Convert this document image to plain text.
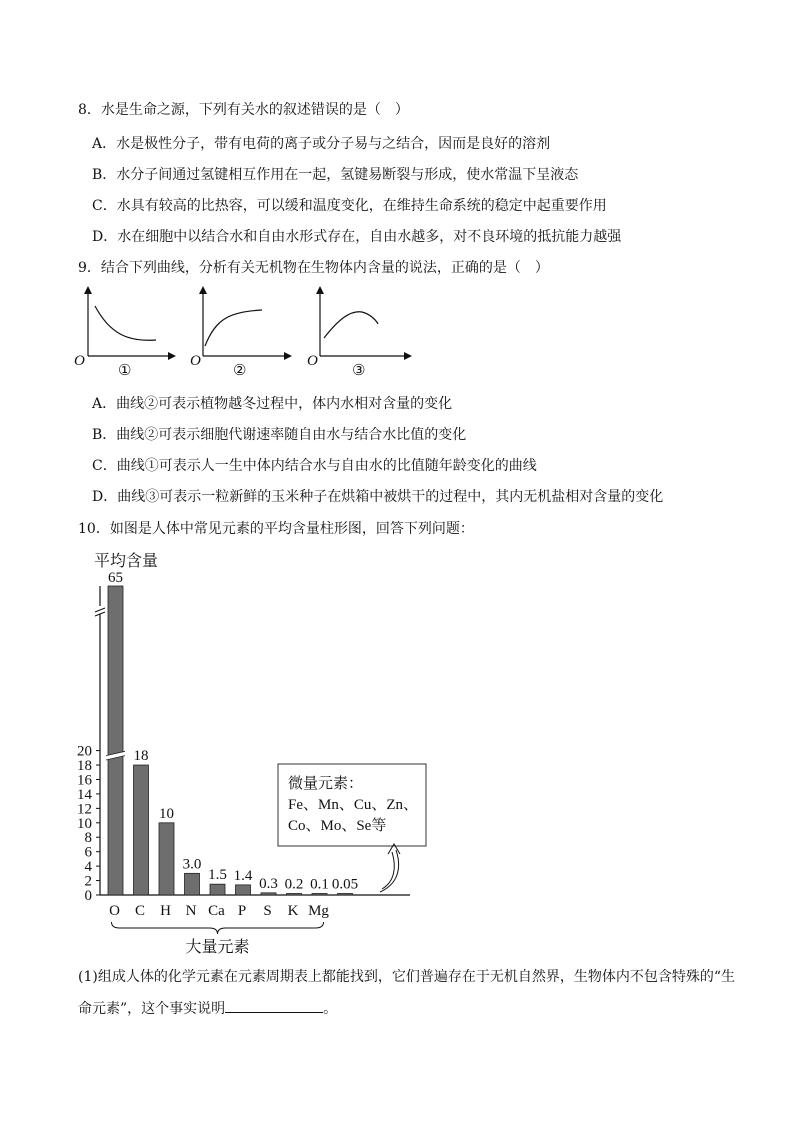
8．水是生命之源，下列有关水的叙述错误的是（　）
A．水是极性分子，带有电荷的离子或分子易与之结合，因而是良好的溶剂
B．水分子间通过氢键相互作用在一起，氢键易断裂与形成，使水常温下呈液态
C．水具有较高的比热容，可以缓和温度变化，在维持生命系统的稳定中起重要作用
D．水在细胞中以结合水和自由水形式存在，自由水越多，对不良环境的抵抗能力越强
9．结合下列曲线，分析有关无机物在生物体内含量的说法，正确的是（　）
O
①
O
②
O
③
A．曲线②可表示植物越冬过程中，体内水相对含量的变化
B．曲线②可表示细胞代谢速率随自由水与结合水比值的变化
C．曲线①可表示人一生中体内结合水与自由水的比值随年龄变化的曲线
D．曲线③可表示一粒新鲜的玉米种子在烘箱中被烘干的过程中，其内无机盐相对含量的变化
10．如图是人体中常见元素的平均含量柱形图，回答下列问题：
平均含量
0
2
4
6
8
10
12
14
16
18
20
65
O
18
C
10
H
3.0
N
1.5
Ca
1.4
P
0.3
S
0.2
K
0.1
Mg
0.05
大量元素
微量元素：
Fe、Mn、Cu、Zn、
Co、Mo、Se等
(1)组成人体的化学元素在元素周期表上都能找到，它们普遍存在于无机自然界，生物体内不包含特殊的“生
命元素”，这个事实说明	。
